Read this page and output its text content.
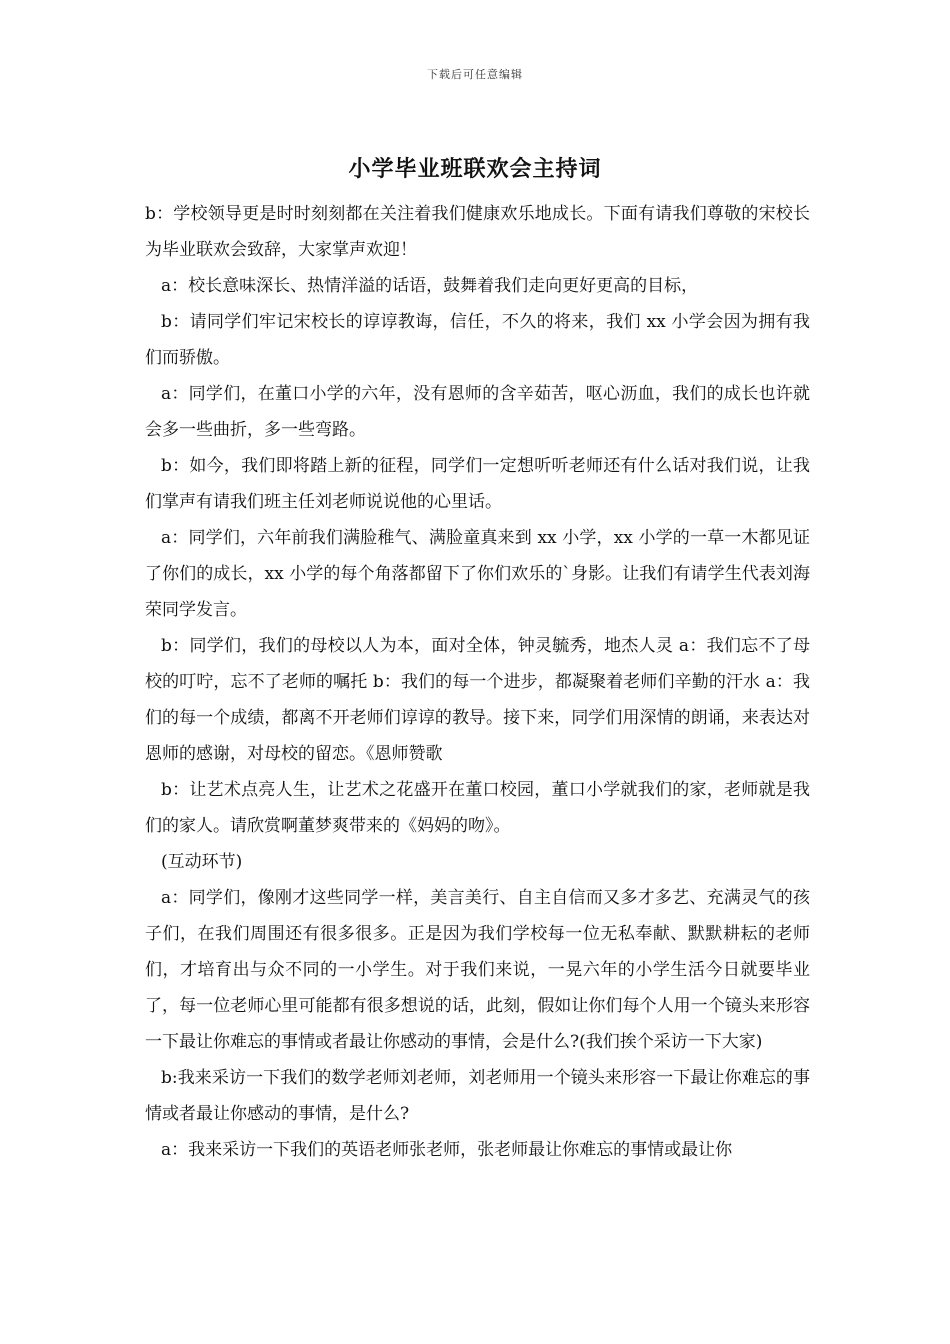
下载后可任意编辑
小学毕业班联欢会主持词

b：学校领导更是时时刻刻都在关注着我们健康欢乐地成长。下面有请我们尊敬的宋校长为毕业联欢会致辞，大家掌声欢迎！

a：校长意味深长、热情洋溢的话语，鼓舞着我们走向更好更高的目标，

b：请同学们牢记宋校长的谆谆教诲，信任，不久的将来，我们 xx 小学会因为拥有我们而骄傲。

a：同学们，在董口小学的六年，没有恩师的含辛茹苦，呕心沥血，我们的成长也许就会多一些曲折，多一些弯路。

b：如今，我们即将踏上新的征程，同学们一定想听听老师还有什么话对我们说，让我们掌声有请我们班主任刘老师说说他的心里话。

a：同学们，六年前我们满脸稚气、满脸童真来到 xx 小学，xx 小学的一草一木都见证了你们的成长，xx 小学的每个角落都留下了你们欢乐的`身影。让我们有请学生代表刘海荣同学发言。

b：同学们，我们的母校以人为本，面对全体，钟灵毓秀，地杰人灵 a：我们忘不了母校的叮咛，忘不了老师的嘱托 b：我们的每一个进步，都凝聚着老师们辛勤的汗水 a：我们的每一个成绩，都离不开老师们谆谆的教导。接下来，同学们用深情的朗诵，来表达对恩师的感谢，对母校的留恋。《恩师赞歌

b：让艺术点亮人生，让艺术之花盛开在董口校园，董口小学就我们的家，老师就是我们的家人。请欣赏啊董梦爽带来的《妈妈的吻》。

(互动环节)

a：同学们，像刚才这些同学一样，美言美行、自主自信而又多才多艺、充满灵气的孩子们，在我们周围还有很多很多。正是因为我们学校每一位无私奉献、默默耕耘的老师们，才培育出与众不同的一小学生。对于我们来说，一晃六年的小学生活今日就要毕业了，每一位老师心里可能都有很多想说的话，此刻，假如让你们每个人用一个镜头来形容一下最让你难忘的事情或者最让你感动的事情，会是什么?(我们挨个采访一下大家)

b:我来采访一下我们的数学老师刘老师，刘老师用一个镜头来形容一下最让你难忘的事情或者最让你感动的事情，是什么?

a：我来采访一下我们的英语老师张老师，张老师最让你难忘的事情或最让你
